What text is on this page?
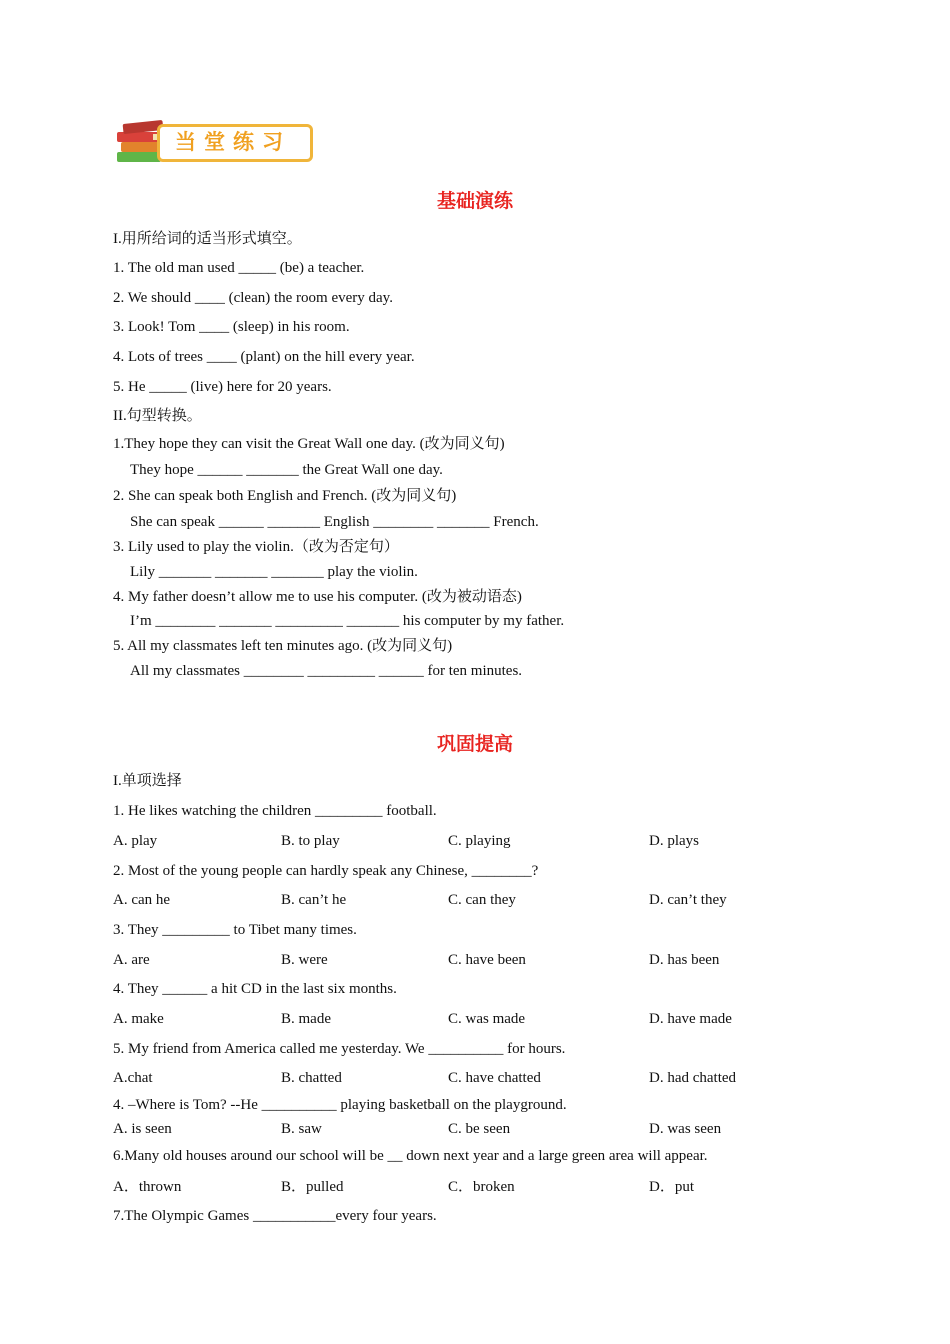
当堂练习
基础演练
I.用所给词的适当形式填空。
1. The old man used _____ (be) a teacher.
2. We should ____ (clean) the room every day.
3. Look! Tom ____ (sleep) in his room.
4. Lots of trees ____ (plant) on the hill every year.
5. He _____ (live) here for 20 years.
II.句型转换。
1.They hope they can visit the Great Wall one day. (改为同义句)
They hope ______ _______ the Great Wall one day.
2. She can speak both English and French. (改为同义句)
She can speak ______ _______ English ________ _______ French.
3. Lily used to play the violin.（改为否定句）
Lily _______ _______ _______ play the violin.
4. My father doesn’t allow me to use his computer. (改为被动语态)
I’m ________ _______ _________ _______ his computer by my father.
5. All my classmates left ten minutes ago. (改为同义句)
All my classmates ________ _________ ______ for ten minutes.
巩固提高
I.单项选择
1. He likes watching the children _________ football.
A. play	B. to play	C. playing	D. plays
2. Most of the young people can hardly speak any Chinese, ________?
A. can he	B. can’t he	C. can they	D. can’t they
3. They _________ to Tibet many times.
A. are	B. were	C. have been	D. has been
4. They ______ a hit CD in the last six months.
A. make	B. made	C. was made	D. have made
5. My friend from America called me yesterday. We __________ for hours.
A.chat	B. chatted	C. have chatted	D. had chatted
4. –Where is Tom? --He __________ playing basketball on the playground.
A. is seen	B. saw	C. be seen	D. was seen
6.Many old houses around our school will be __ down next year and a large green area will appear.
A．thrown	B．pulled	C．broken	D．put
7.The Olympic Games ___________every four years.
